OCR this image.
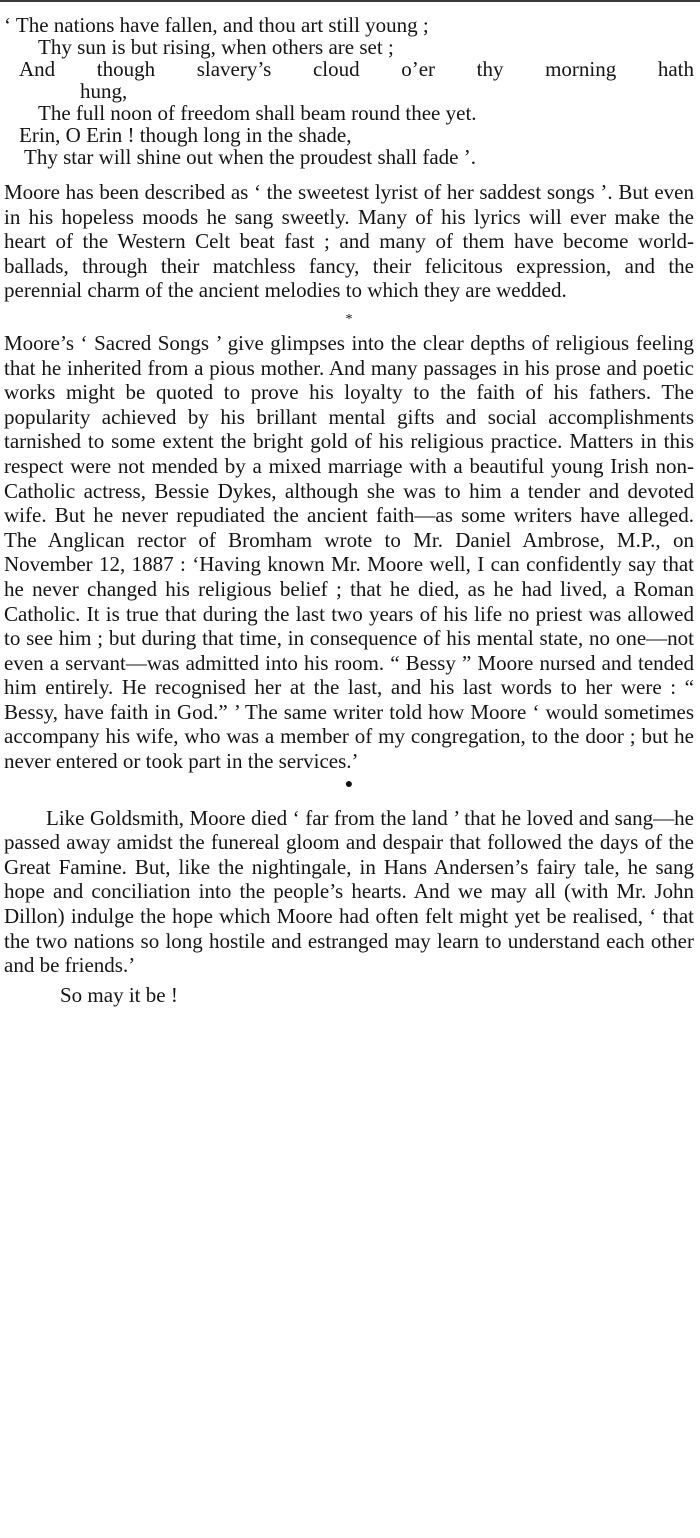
‘ The nations have fallen, and thou art still young ;
Thy sun is but rising, when others are set ;
And though slavery’s cloud o’er thy morning hath
hung,
The full noon of freedom shall beam round thee yet.
Erin, O Erin ! though long in the shade,
Thy star will shine out when the proudest shall fade ’.

Moore has been described as ‘ the sweetest lyrist of her saddest songs ’. But even in his hopeless moods he sang sweetly. Many of his lyrics will ever make the heart of the Western Celt beat fast ; and many of them have become world-ballads, through their matchless fancy, their felicitous expression, and the perennial charm of the ancient melodies to which they are wedded.

*

Moore’s ‘ Sacred Songs ’ give glimpses into the clear depths of religious feeling that he inherited from a pious mother. And many passages in his prose and poetic works might be quoted to prove his loyalty to the faith of his fathers. The popularity achieved by his brillant mental gifts and social accomplishments tarnished to some extent the bright gold of his religious practice. Matters in this respect were not mended by a mixed marriage with a beautiful young Irish non-Catholic actress, Bessie Dykes, although she was to him a tender and devoted wife. But he never repudiated the ancient faith—as some writers have alleged. The Anglican rector of Bromham wrote to Mr. Daniel Ambrose, M.P., on November 12, 1887 : ‘Having known Mr. Moore well, I can confidently say that he never changed his religious belief ; that he died, as he had lived, a Roman Catholic. It is true that during the last two years of his life no priest was allowed to see him ; but during that time, in consequence of his mental state, no one—not even a servant—was admitted into his room. “ Bessy ” Moore nursed and tended him entirely. He recognised her at the last, and his last words to her were : “ Bessy, have faith in God.” ’ The same writer told how Moore ‘ would sometimes accompany his wife, who was a member of my congregation, to the door ; but he never entered or took part in the services.’

●

Like Goldsmith, Moore died ‘ far from the land ’ that he loved and sang—he passed away amidst the funereal gloom and despair that followed the days of the Great Famine. But, like the nightingale, in Hans Andersen’s fairy tale, he sang hope and conciliation into the people’s hearts. And we may all (with Mr. John Dillon) indulge the hope which Moore had often felt might yet be realised, ‘ that the two nations so long hostile and estranged may learn to understand each other and be friends.’

So may it be !
